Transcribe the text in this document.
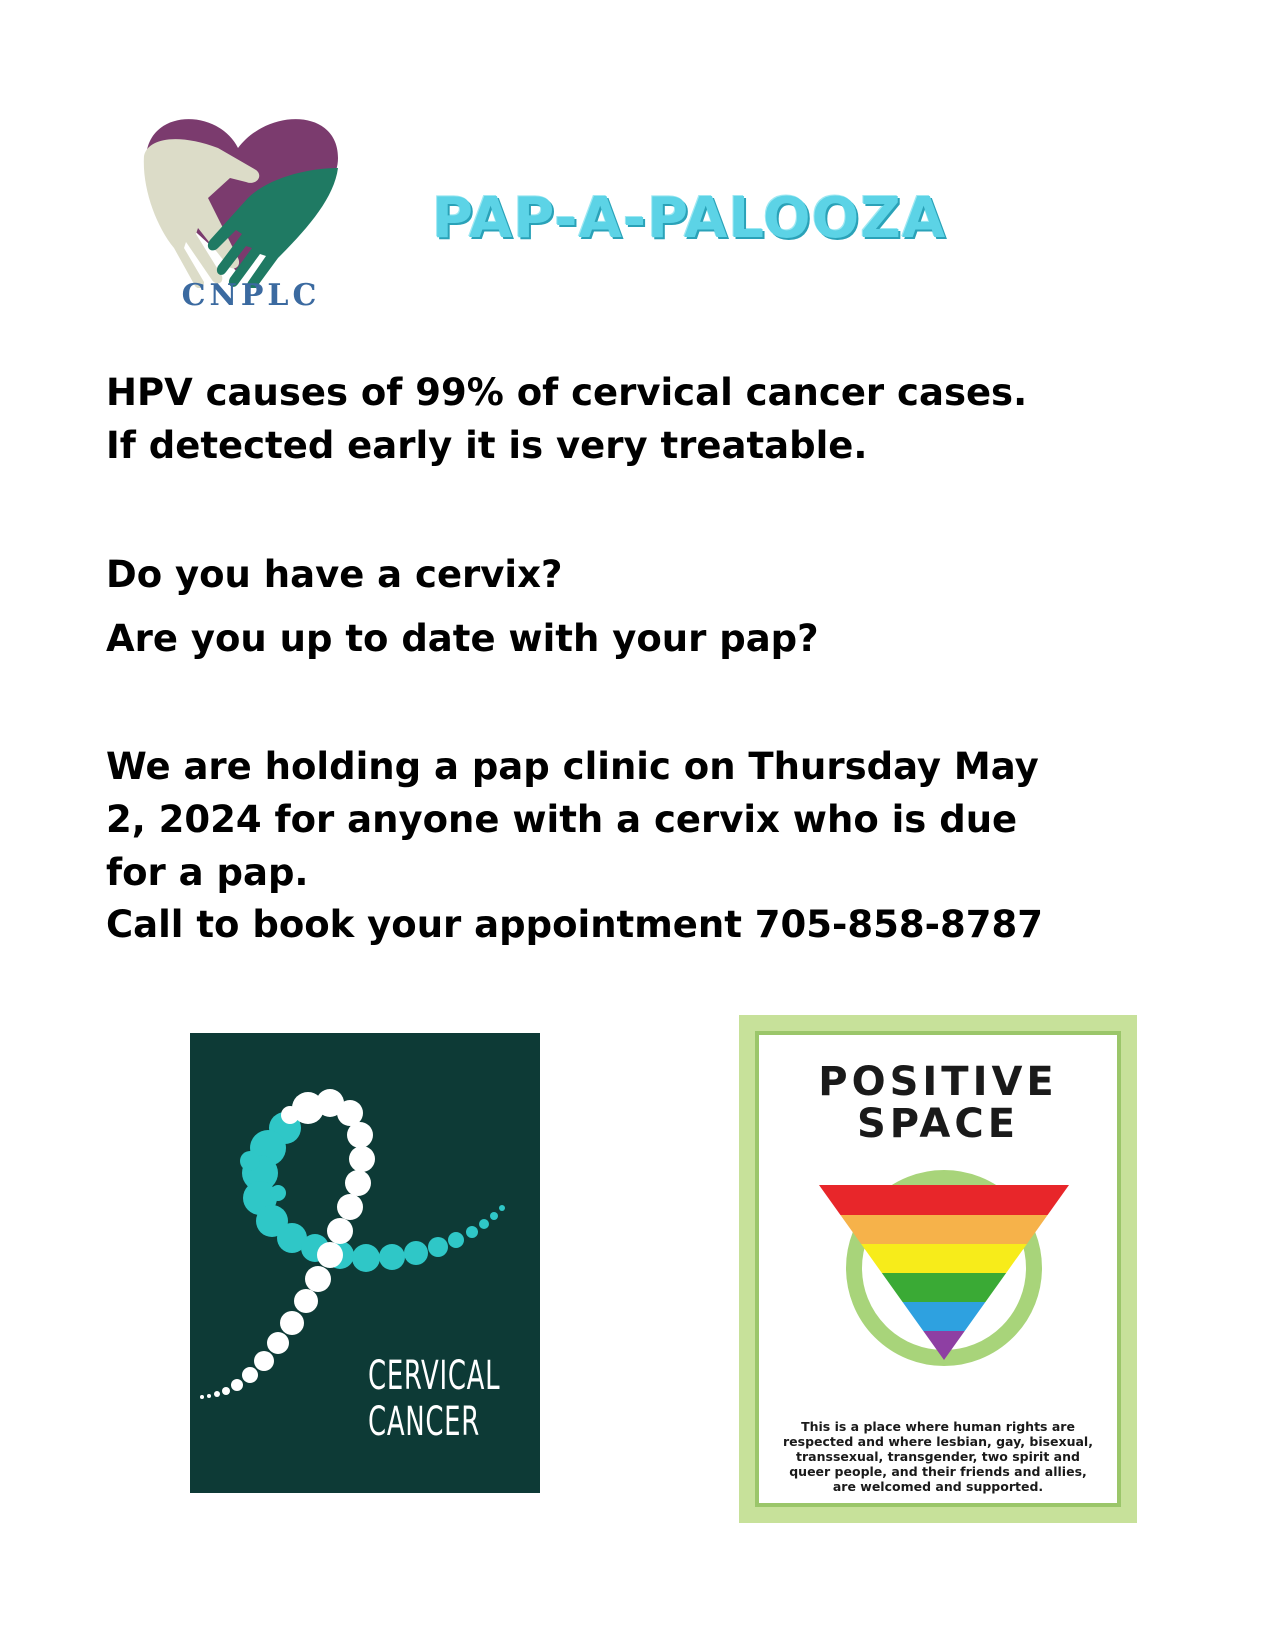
CNPLC
PAP-A-PALOOZA
HPV causes of 99% of cervical cancer cases.
If detected early it is very treatable.
Do you have a cervix?
Are you up to date with your pap?
We are holding a pap clinic on Thursday May
2, 2024 for anyone with a cervix who is due
for a pap.
Call to book your appointment 705-858-8787
CERVICAL
CANCER
POSITIVE
SPACE
This is a place where human rights are
respected and where lesbian, gay, bisexual,
transsexual, transgender, two spirit and
queer people, and their friends and allies,
are welcomed and supported.
